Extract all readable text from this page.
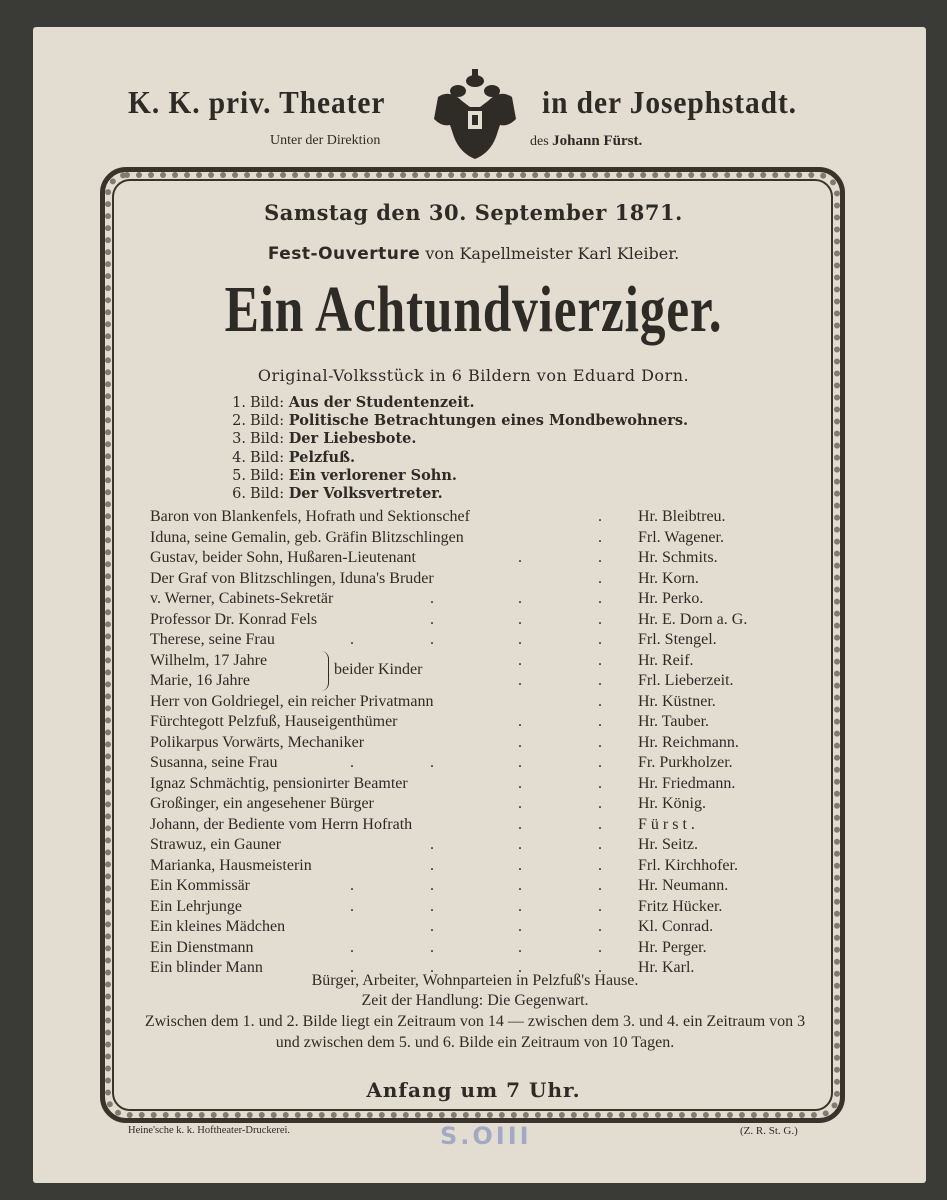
K. K. priv. Theater	in der Josephstadt.
Unter der Direktion	des Johann Fürst.
Samstag den 30. September 1871.
Fest-Ouverture von Kapellmeister Karl Kleiber.
Ein Achtundvierziger.
Original-Volksstück in 6 Bildern von Eduard Dorn.
1. Bild: Aus der Studentenzeit.
2. Bild: Politische Betrachtungen eines Mondbewohners.
3. Bild: Der Liebesbote.
4. Bild: Pelzfuß.
5. Bild: Ein verlorener Sohn.
6. Bild: Der Volksvertreter.
Baron von Blankenfels, Hofrath und Sektionschef	. Hr. Bleibtreu.
Iduna, seine Gemalin, geb. Gräfin Blitzschlingen	. Frl. Wagener.
Gustav, beider Sohn, Hußaren-Lieutenant	.	. Hr. Schmits.
Der Graf von Blitzschlingen, Iduna's Bruder	. Hr. Korn.
v. Werner, Cabinets-Sekretär	.	.	. Hr. Perko.
Professor Dr. Konrad Fels	.	.	. Hr. E. Dorn a. G.
Therese, seine Frau	.	.	.	. Frl. Stengel.
Wilhelm, 17 Jahre	.	. Hr. Reif.
Marie, 16 Jahre	.	. Frl. Lieberzeit.
beider Kinder
Herr von Goldriegel, ein reicher Privatmann	. Hr. Küstner.
Fürchtegott Pelzfuß, Hauseigenthümer	.	. Hr. Tauber.
Polikarpus Vorwärts, Mechaniker	.	. Hr. Reichmann.
Susanna, seine Frau	.	.	.	. Fr. Purkholzer.
Ignaz Schmächtig, pensionirter Beamter	.	. Hr. Friedmann.
Großinger, ein angesehener Bürger	.	. Hr. König.
Johann, der Bediente vom Herrn Hofrath	.	. Fürst.
Strawuz, ein Gauner	.	.	. Hr. Seitz.
Marianka, Hausmeisterin	.	.	. Frl. Kirchhofer.
Ein Kommissär	.	.	.	. Hr. Neumann.
Ein Lehrjunge	.	.	.	. Fritz Hücker.
Ein kleines Mädchen	.	.	. Kl. Conrad.
Ein Dienstmann	.	.	.	. Hr. Perger.
Ein blinder Mann	.	.	.	. Hr. Karl.
Bürger, Arbeiter, Wohnparteien in Pelzfuß's Hause.
Zeit der Handlung: Die Gegenwart.
Zwischen dem 1. und 2. Bilde liegt ein Zeitraum von 14 — zwischen dem 3. und 4. ein Zeitraum von 3 und zwischen dem 5. und 6. Bilde ein Zeitraum von 10 Tagen.
Anfang um 7 Uhr.
Heine'sche k. k. Hoftheater-Druckerei.	S.OIII	(Z. R. St. G.)
